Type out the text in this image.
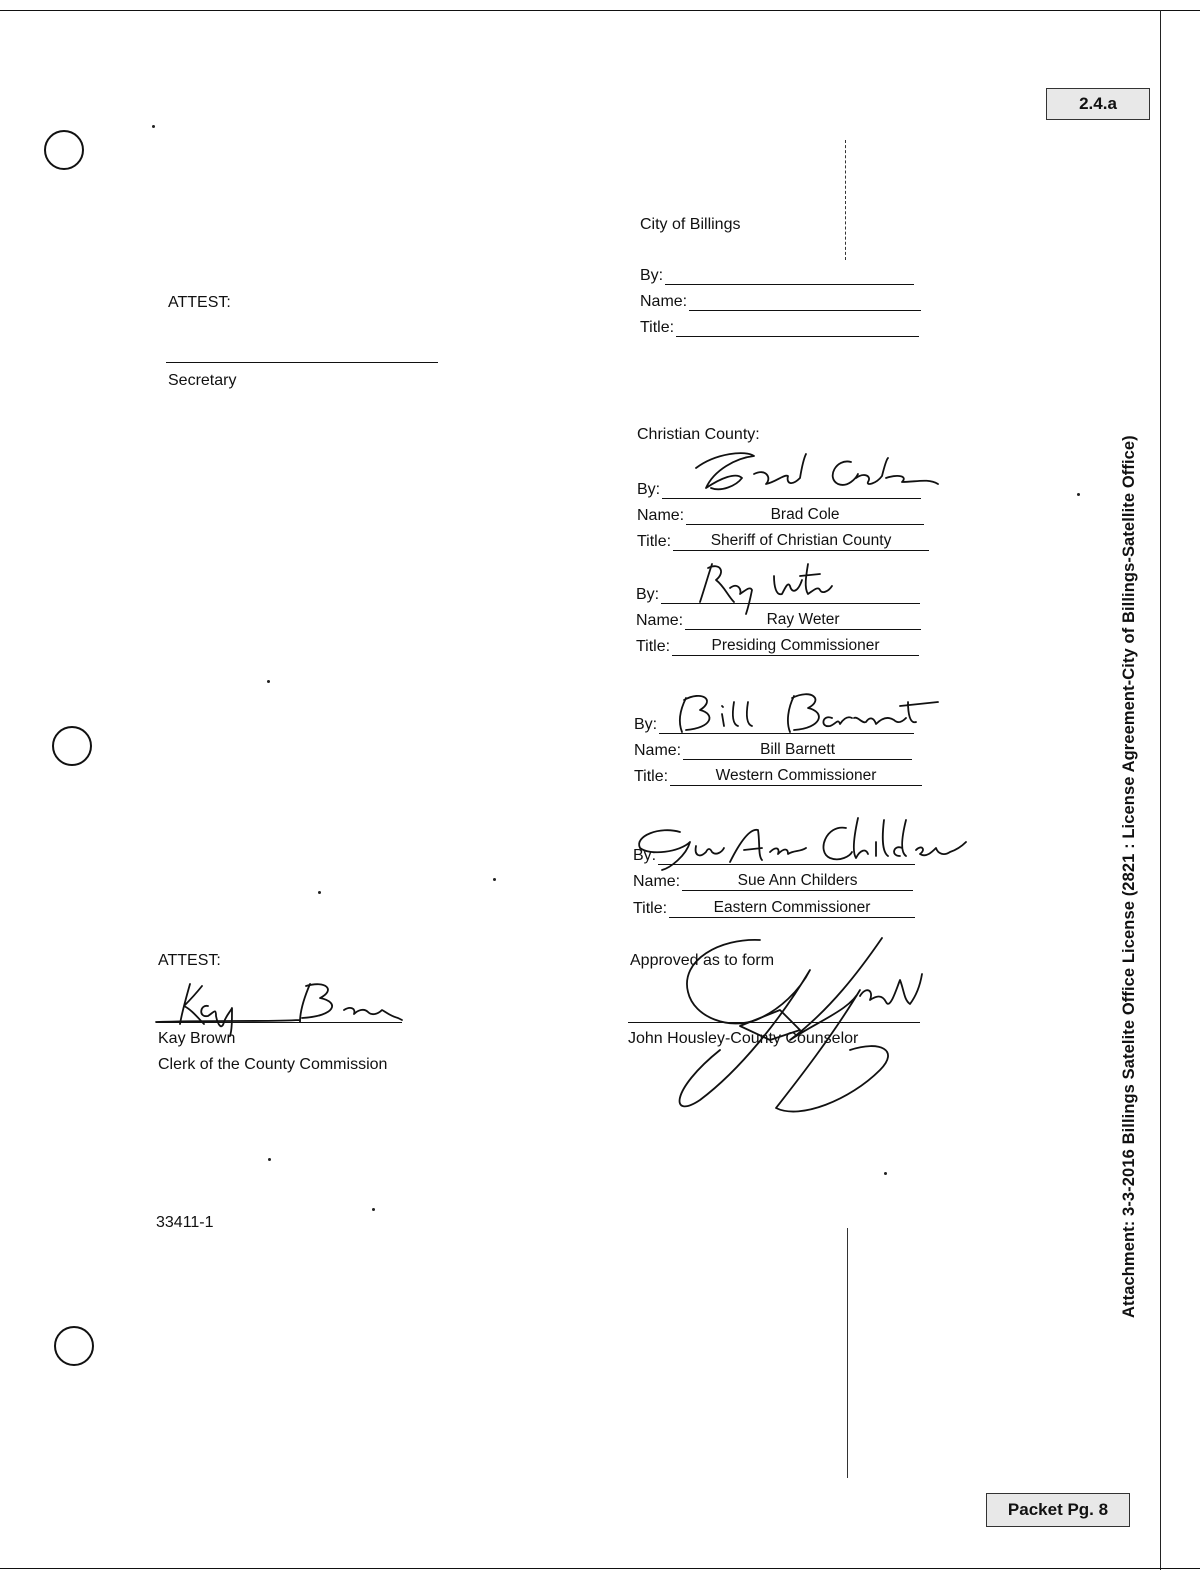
2.4.a
Packet Pg. 8
Attachment: 3-3-2016 Billings Satelite Office License (2821 : License Agreement-City of Billings-Satellite Office)
City of Billings
By:
Name:
Title:
ATTEST:
Secretary
Christian County:
By:
Name:	Brad Cole
Title:	Sheriff of Christian County
By:
Name:	Ray Weter
Title:	Presiding Commissioner
By:
Name:	Bill Barnett
Title:	Western Commissioner
By:
Name:	Sue Ann Childers
Title:	Eastern Commissioner
ATTEST:
Kay Brown
Clerk of the County Commission
Approved as to form
John Housley-County Counselor
33411-1
